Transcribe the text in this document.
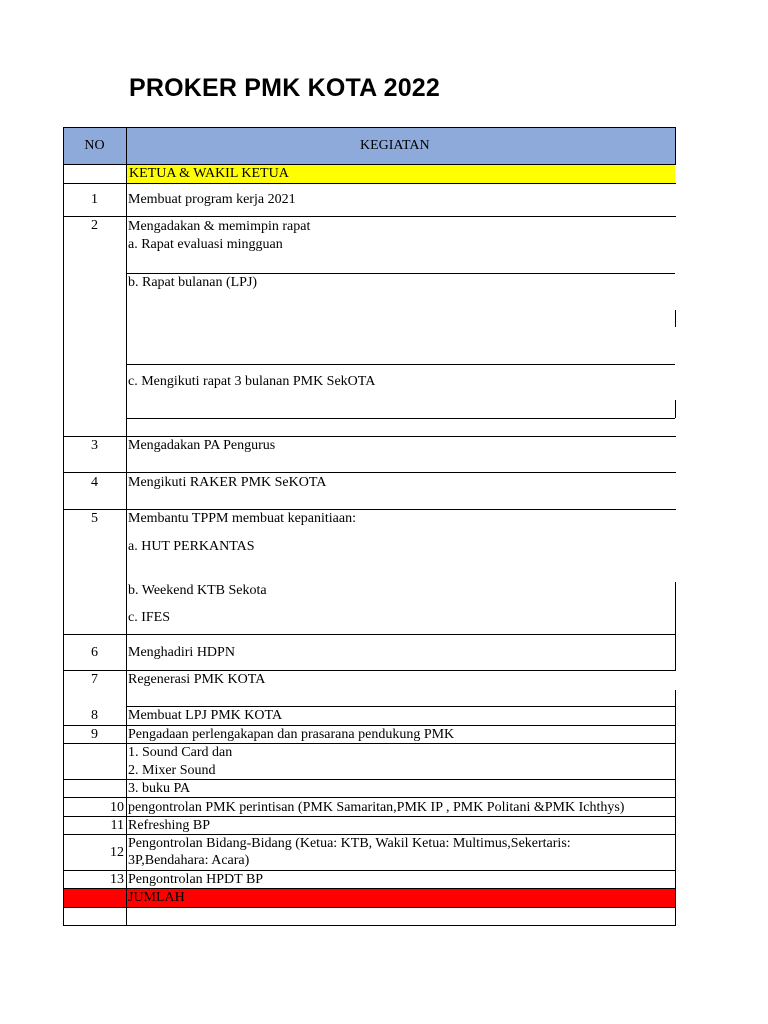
PROKER PMK KOTA 2022
NO	KEGIATAN
KETUA & WAKIL KETUA
1	Membuat program kerja 2021
2	Mengadakan & memimpin rapat
a. Rapat evaluasi mingguan
b. Rapat bulanan (LPJ)
c. Mengikuti rapat 3 bulanan PMK SekOTA
3	Mengadakan PA Pengurus
4	Mengikuti RAKER PMK SeKOTA
5	Membantu TPPM membuat kepanitiaan:
a. HUT PERKANTAS
b. Weekend KTB Sekota
c. IFES
6	Menghadiri HDPN
7	Regenerasi PMK KOTA
8	Membuat LPJ PMK KOTA
9	Pengadaan perlengakapan dan prasarana pendukung PMK
1. Sound Card dan
2. Mixer Sound
3. buku PA
10 pengontrolan PMK perintisan (PMK Samaritan,PMK IP , PMK Politani &PMK Ichthys)
11 Refreshing BP
12
Pengontrolan Bidang-Bidang (Ketua: KTB, Wakil Ketua: Multimus,Sekertaris:
3P,Bendahara: Acara)
13 Pengontrolan HPDT BP
JUMLAH
